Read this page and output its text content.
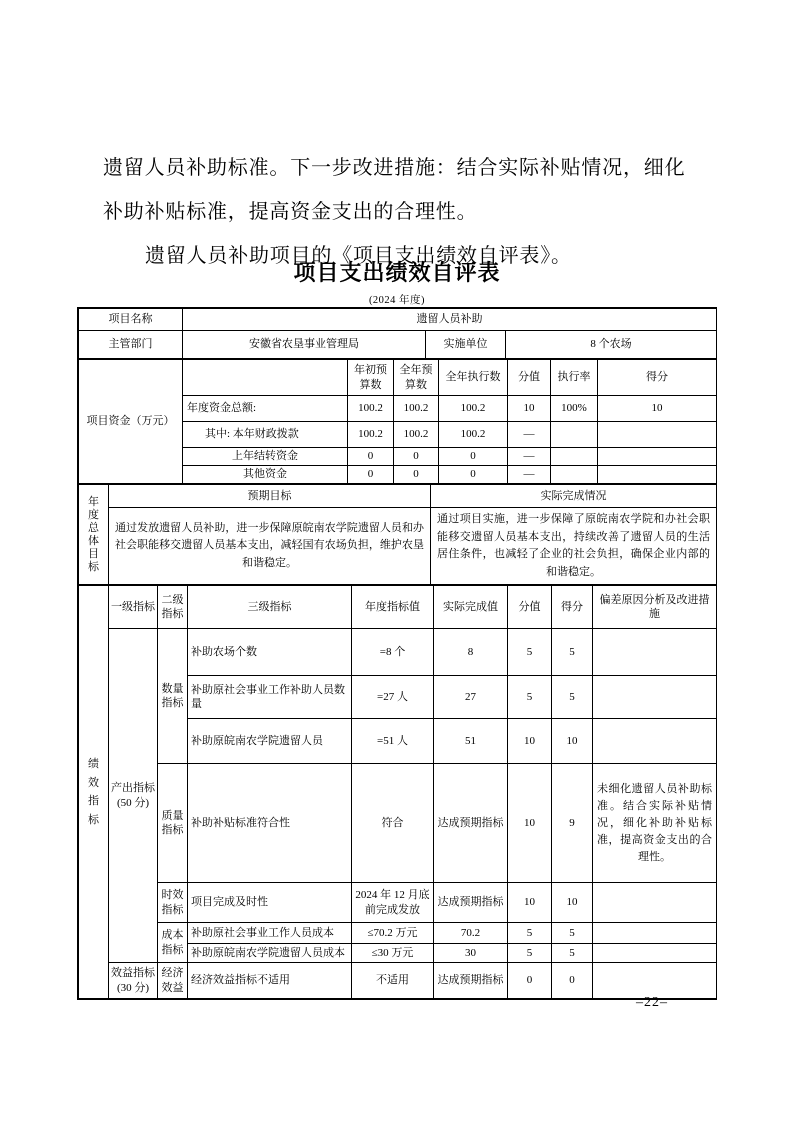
遗留人员补助标准。下一步改进措施：结合实际补贴情况，细化
补助补贴标准，提高资金支出的合理性。
遗留人员补助项目的《项目支出绩效自评表》。
项目支出绩效自评表
(2024 年度)
项目名称	遗留人员补助		
主管部门	安徽省农垦事业管理局	实施单位	8 个农场
项目资金（万元）		年初预算数	全年预算数	全年执行数	分值	执行率	得分
	年度资金总额:	100.2	100.2	100.2	10	100%	10
	其中: 本年财政拨款	100.2	100.2	100.2	—		
	上年结转资金	0	0	0	—		
	其他资金	0	0	0	—		
年度总体目标	预期目标	实际完成情况
	通过发放遗留人员补助，进一步保障原皖南农学院遗留人员和办社会职能移交遗留人员基本支出，减轻国有农场负担，维护农垦和谐稳定。	通过项目实施，进一步保障了原皖南农学院和办社会职能移交遗留人员基本支出，持续改善了遗留人员的生活居住条件，也减轻了企业的社会负担，确保企业内部的和谐稳定。
绩效指标	一级指标	二级指标	三级指标	年度指标值	实际完成值	分值	得分	偏差原因分析及改进措施
	产出指标(50 分)	数量指标	补助农场个数	=8 个	8	5	5	
			补助原社会事业工作补助人员数量	=27 人	27	5	5	
			补助原皖南农学院遗留人员	=51 人	51	10	10	
		质量指标	补助补贴标准符合性	符合	达成预期指标	10	9	未细化遗留人员补助标准。结合实际补贴情况，细化补助补贴标准，提高资金支出的合理性。
		时效指标	项目完成及时性	2024 年 12 月底前完成发放	达成预期指标	10	10	
		成本指标	补助原社会事业工作人员成本	≤70.2 万元	70.2	5	5	
			补助原皖南农学院遗留人员成本	≤30 万元	30	5	5	
	效益指标(30 分)	经济效益	经济效益指标不适用	不适用	达成预期指标	0	0	
–22–
